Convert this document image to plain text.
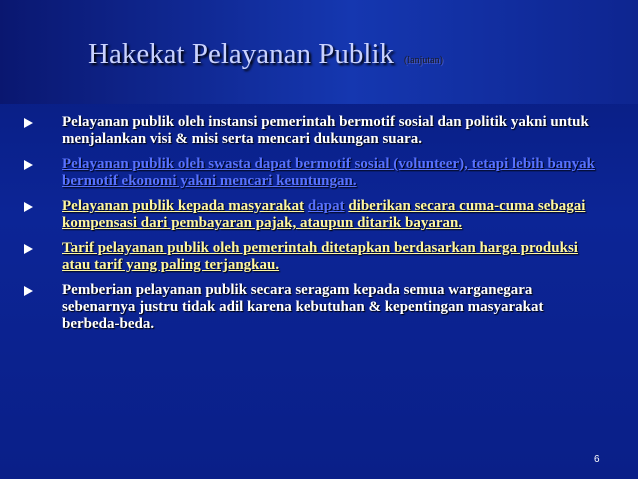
Hakekat Pelayanan Publik (lanjutan)
Pelayanan publik oleh instansi pemerintah bermotif sosial dan politik yakni untuk menjalankan visi & misi serta mencari dukungan suara.
Pelayanan publik oleh swasta dapat bermotif sosial (volunteer), tetapi lebih banyak bermotif ekonomi yakni mencari keuntungan.
Pelayanan publik kepada masyarakat dapat diberikan secara cuma-cuma sebagai kompensasi dari pembayaran pajak, ataupun ditarik bayaran.
Tarif pelayanan publik oleh pemerintah ditetapkan berdasarkan harga produksi atau tarif yang paling terjangkau.
Pemberian pelayanan publik secara seragam kepada semua warganegara sebenarnya justru tidak adil karena kebutuhan & kepentingan masyarakat berbeda-beda.
6
